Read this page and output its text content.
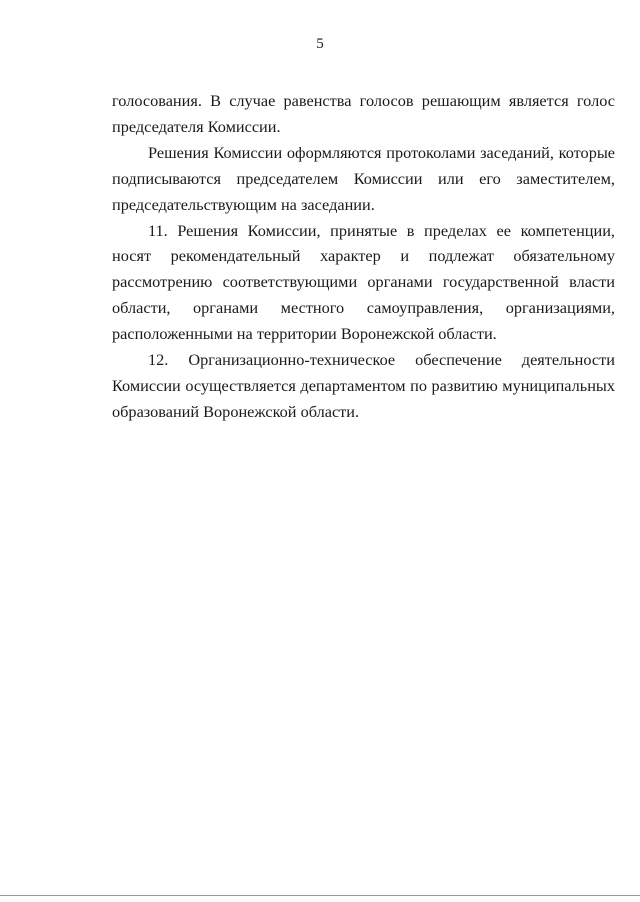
5

голосования. В случае равенства голосов решающим является голос председателя Комиссии.

Решения Комиссии оформляются протоколами заседаний, которые подписываются председателем Комиссии или его заместителем, председательствующим на заседании.

11. Решения Комиссии, принятые в пределах ее компетенции, носят рекомендательный характер и подлежат обязательному рассмотрению соответствующими органами государственной власти области, органами местного самоуправления, организациями, расположенными на территории Воронежской области.

12. Организационно-техническое обеспечение деятельности Комиссии осуществляется департаментом по развитию муниципальных образований Воронежской области.
